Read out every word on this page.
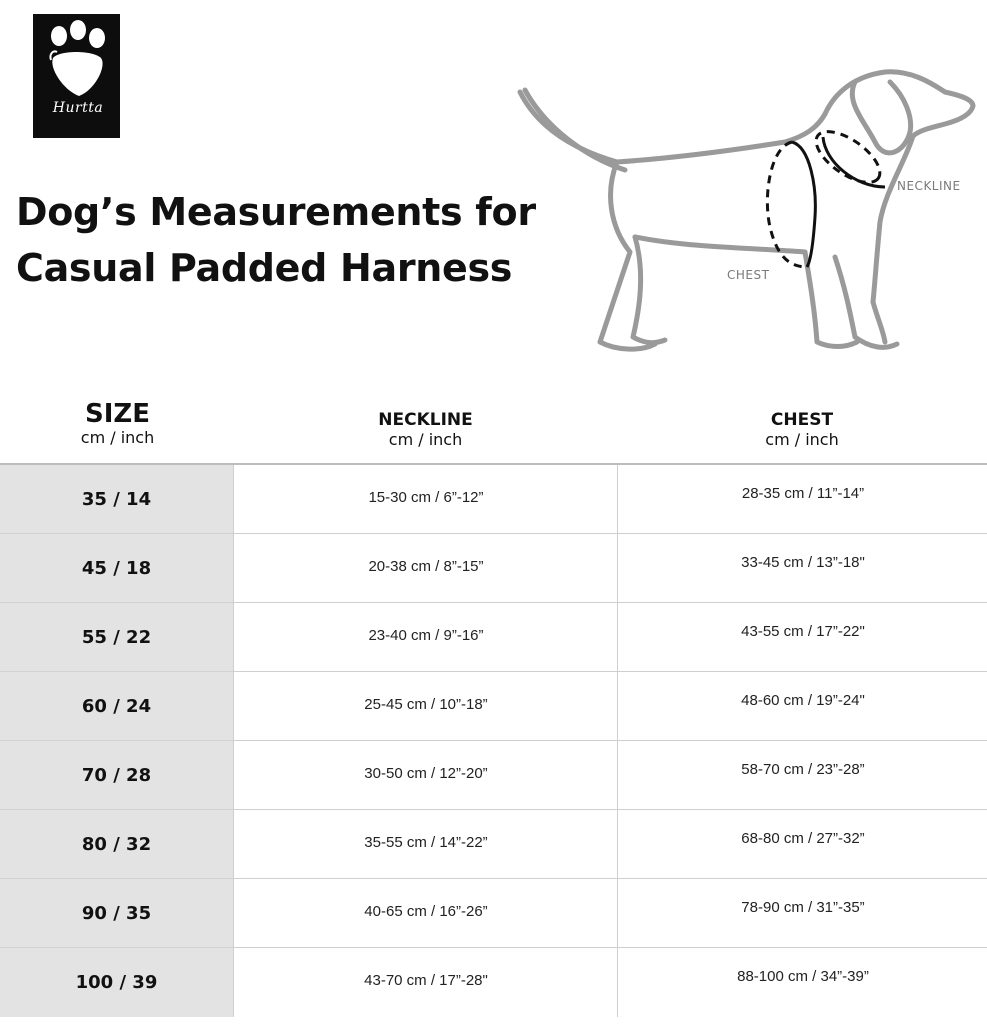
Hurtta
Dog’s Measurements for
Casual Padded Harness
NECKLINE
CHEST
SIZE
cm / inch
NECKLINE
cm / inch
CHEST
cm / inch
35 / 14	15-30 cm / 6”-12”	28-35 cm / 11”-14”
45 / 18	20-38 cm / 8”-15”	33-45 cm / 13”-18"
55 / 22	23-40 cm / 9”-16”	43-55 cm / 17”-22"
60 / 24	25-45 cm / 10”-18”	48-60 cm / 19”-24"
70 / 28	30-50 cm / 12”-20”	58-70 cm / 23”-28”
80 / 32	35-55 cm / 14”-22”	68-80 cm / 27”-32”
90 / 35	40-65 cm / 16”-26”	78-90 cm / 31”-35”
100 / 39	43-70 cm / 17”-28"	88-100 cm / 34”-39”
